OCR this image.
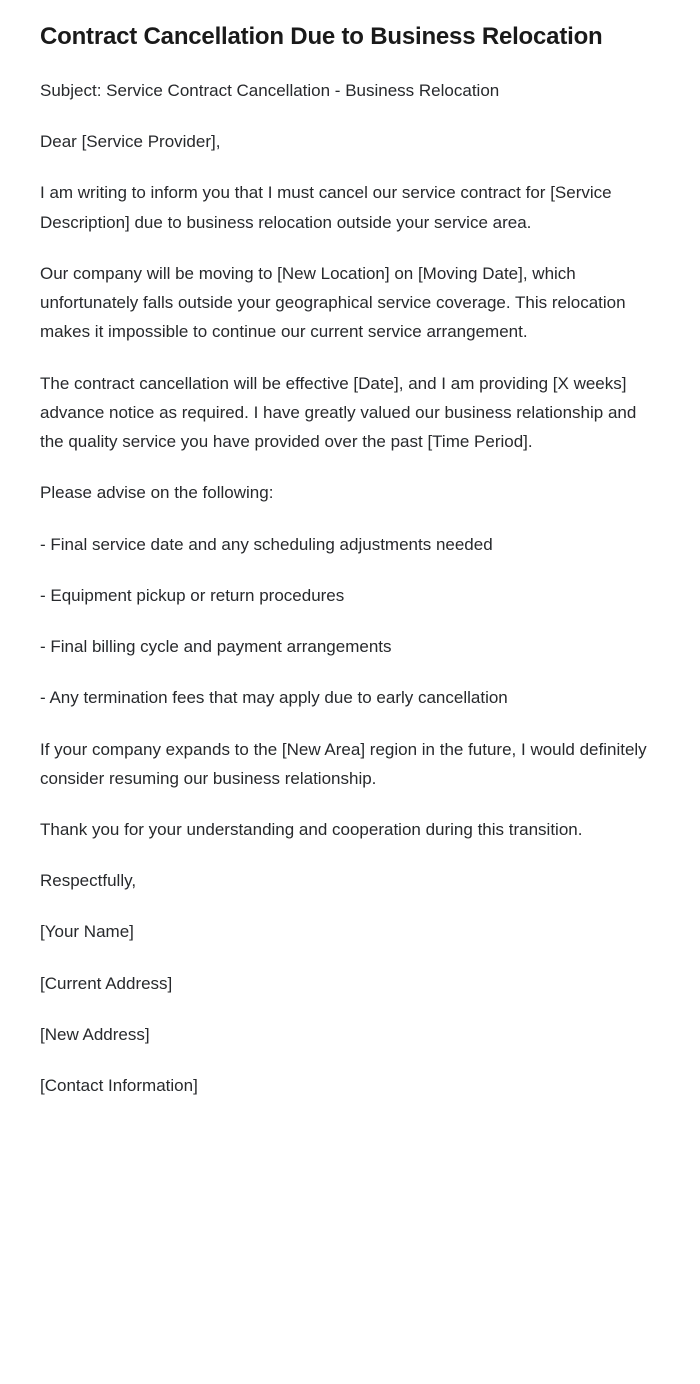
Contract Cancellation Due to Business Relocation

Subject: Service Contract Cancellation - Business Relocation

Dear [Service Provider],

I am writing to inform you that I must cancel our service contract for [Service Description] due to business relocation outside your service area.

Our company will be moving to [New Location] on [Moving Date], which unfortunately falls outside your geographical service coverage. This relocation makes it impossible to continue our current service arrangement.

The contract cancellation will be effective [Date], and I am providing [X weeks] advance notice as required. I have greatly valued our business relationship and the quality service you have provided over the past [Time Period].

Please advise on the following:

- Final service date and any scheduling adjustments needed

- Equipment pickup or return procedures

- Final billing cycle and payment arrangements

- Any termination fees that may apply due to early cancellation

If your company expands to the [New Area] region in the future, I would definitely consider resuming our business relationship.

Thank you for your understanding and cooperation during this transition.

Respectfully,

[Your Name]

[Current Address]

[New Address]

[Contact Information]
